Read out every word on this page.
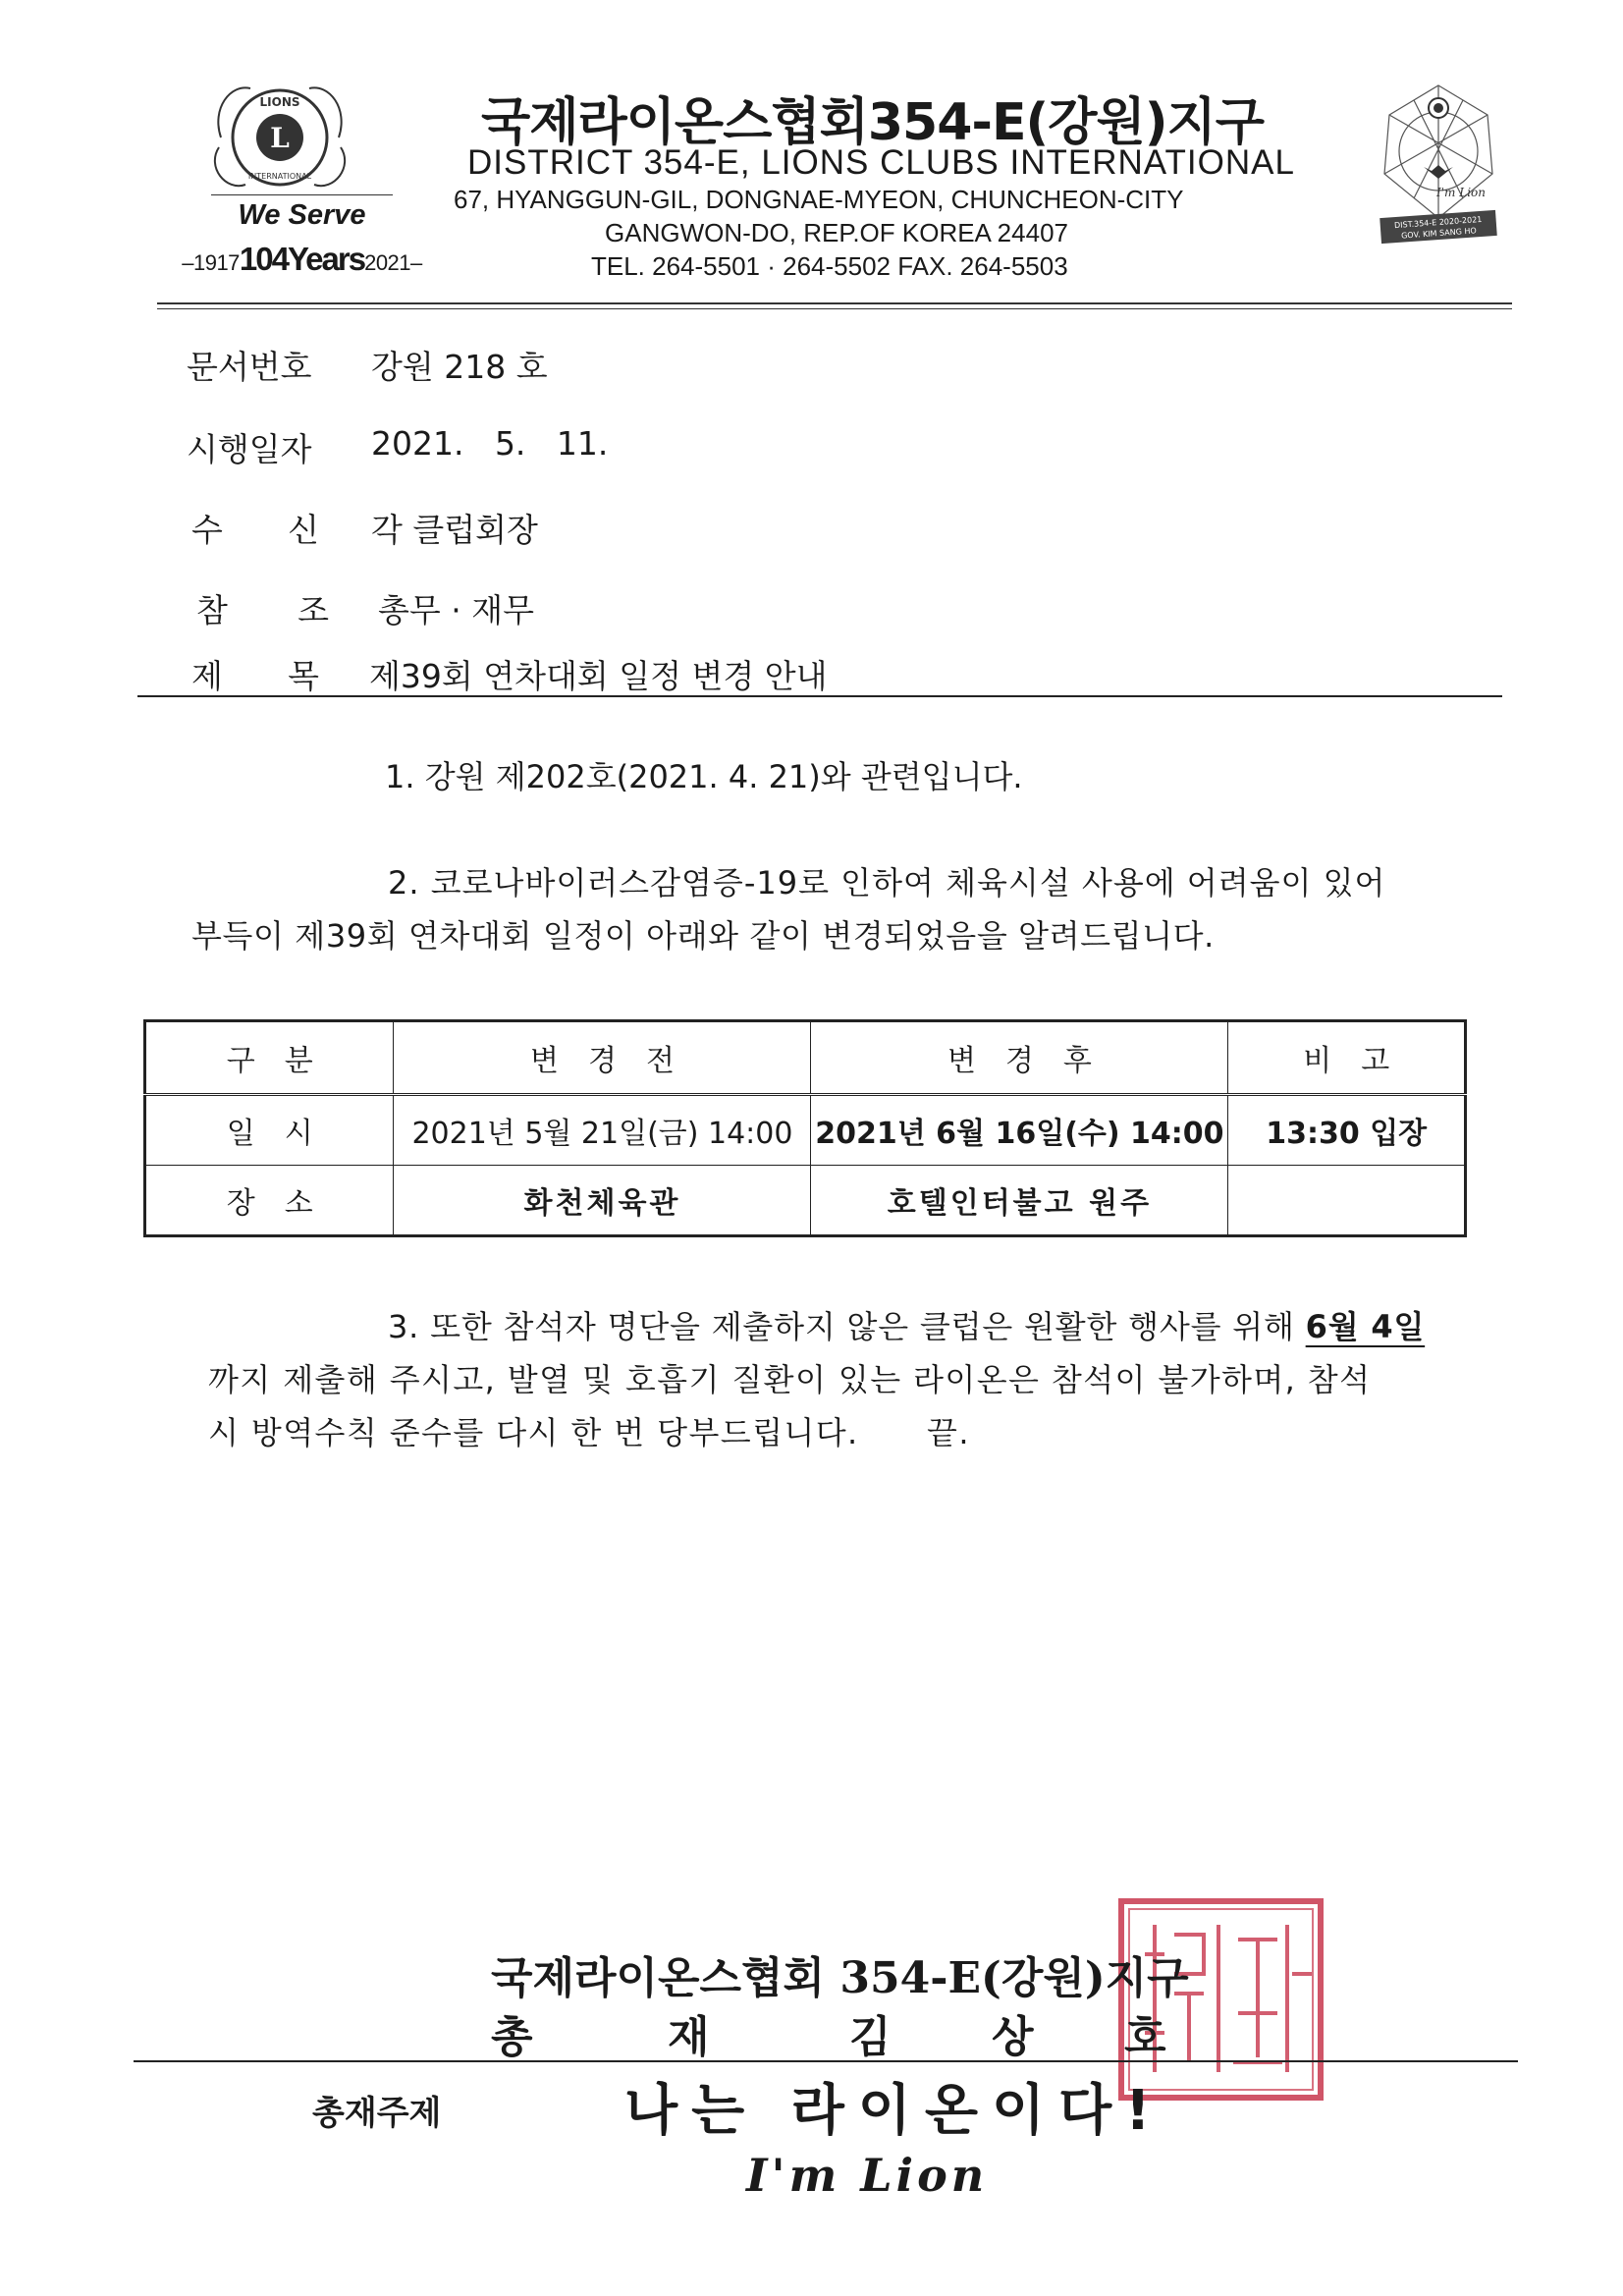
L
LIONS
INTERNATIONAL
We Serve
–1917104Years2021–
국제라이온스협회354-E(강원)지구
DISTRICT 354-E, LIONS CLUBS INTERNATIONAL
67, HYANGGUN-GIL, DONGNAE-MYEON, CHUNCHEON-CITY
GANGWON-DO, REP.OF KOREA 24407
TEL. 264-5501 · 264-5502 FAX. 264-5503
I'm Lion
DIST.354-E 2020-2021
GOV. KIM SANG HO
문서번호 강원 218 호
시행일자 2021.   5.   11.
수 신 각 클럽회장
참 조 총무 · 재무
제 목 제39회 연차대회 일정 변경 안내
1. 강원 제202호(2021. 4. 21)와 관련입니다.
2. 코로나바이러스감염증-19로 인하여 체육시설 사용에 어려움이 있어
부득이 제39회 연차대회 일정이 아래와 같이 변경되었음을 알려드립니다.
구분	변경전	변경후	비고
일시	2021년 5월 21일(금) 14:00	2021년 6월 16일(수) 14:00	13:30 입장
장소	화천체육관	호텔인터불고 원주	
3. 또한 참석자 명단을 제출하지 않은 클럽은 원활한 행사를 위해 6월 4일
까지 제출해 주시고, 발열 및 호흡기 질환이 있는 라이온은 참석이 불가하며, 참석
시 방역수칙 준수를 다시 한 번 당부드립니다.      끝.
국제라이온스협회 354-E(강원)지구
총	재	김 상 호
총재주제	나는 라이온이다!
I'm Lion
